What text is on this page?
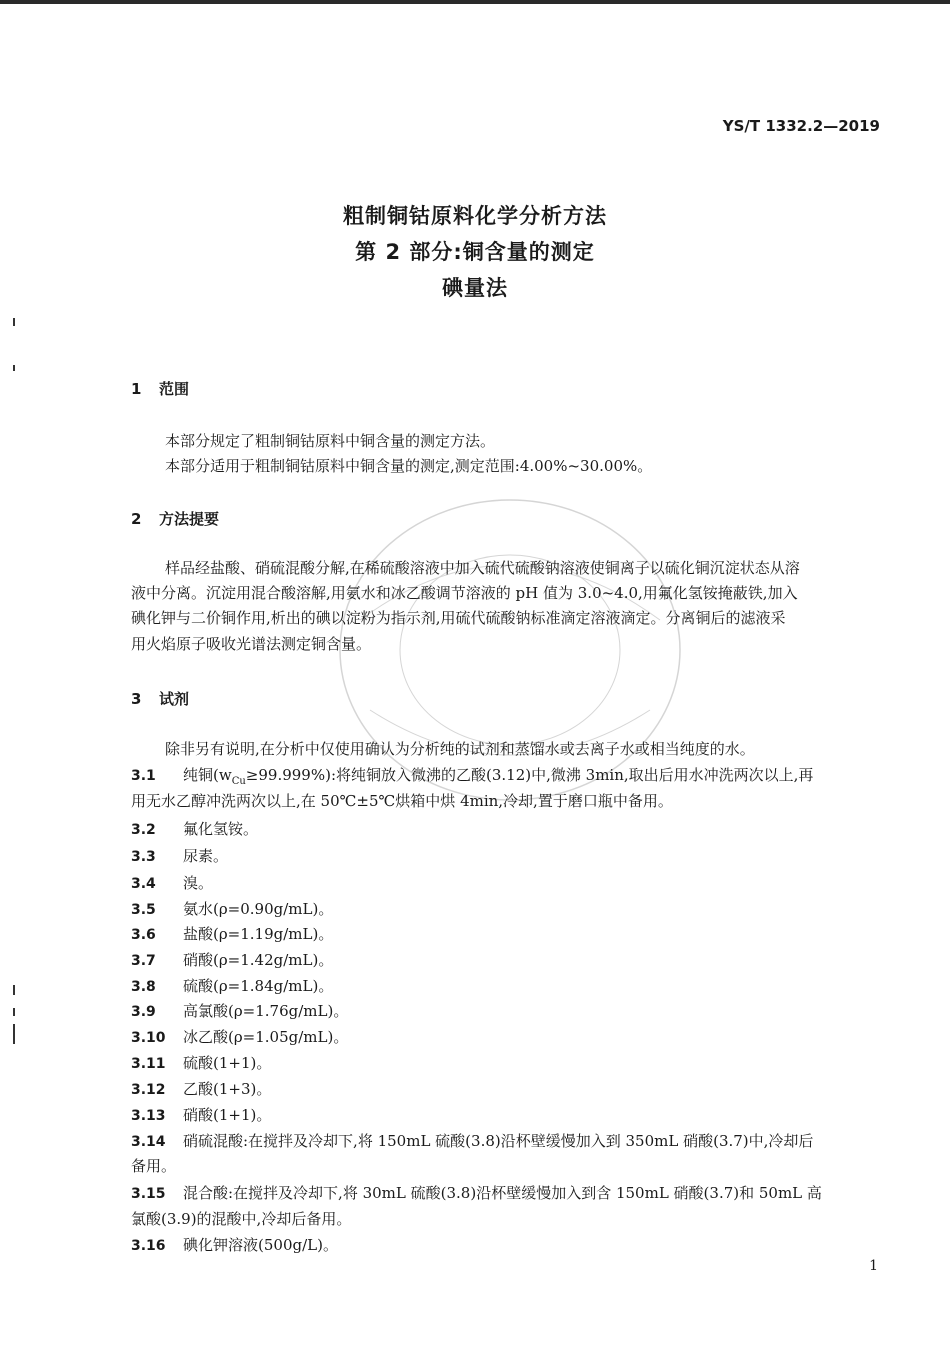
YS/T 1332.2—2019
粗制铜钴原料化学分析方法
第 2 部分:铜含量的测定
碘量法
1 范围
本部分规定了粗制铜钴原料中铜含量的测定方法。
本部分适用于粗制铜钴原料中铜含量的测定,测定范围:4.00%~30.00%。
2 方法提要
样品经盐酸、硝硫混酸分解,在稀硫酸溶液中加入硫代硫酸钠溶液使铜离子以硫化铜沉淀状态从溶
液中分离。沉淀用混合酸溶解,用氨水和冰乙酸调节溶液的 pH 值为 3.0~4.0,用氟化氢铵掩蔽铁,加入
碘化钾与二价铜作用,析出的碘以淀粉为指示剂,用硫代硫酸钠标准滴定溶液滴定。分离铜后的滤液采
用火焰原子吸收光谱法测定铜含量。
3 试剂
除非另有说明,在分析中仅使用确认为分析纯的试剂和蒸馏水或去离子水或相当纯度的水。
3.1 纯铜$(w_{Cu}\ge 99.999\%)$:将纯铜放入微沸的乙酸(3.12)中,微沸 3min,取出后用水冲洗两次以上,再
用无水乙醇冲洗两次以上,在 50℃±5℃烘箱中烘 4min,冷却,置于磨口瓶中备用。
3.2 氟化氢铵。
3.3 尿素。
3.4 溴。
3.5 氨水(ρ=0.90g/mL)。
3.6 盐酸(ρ=1.19g/mL)。
3.7 硝酸(ρ=1.42g/mL)。
3.8 硫酸(ρ=1.84g/mL)。
3.9 高氯酸(ρ=1.76g/mL)。
3.10 冰乙酸(ρ=1.05g/mL)。
3.11 硫酸(1+1)。
3.12 乙酸(1+3)。
3.13 硝酸(1+1)。
3.14 硝硫混酸:在搅拌及冷却下,将 150mL 硫酸(3.8)沿杯壁缓慢加入到 350mL 硝酸(3.7)中,冷却后
备用。
3.15 混合酸:在搅拌及冷却下,将 30mL 硫酸(3.8)沿杯壁缓慢加入到含 150mL 硝酸(3.7)和 50mL 高
氯酸(3.9)的混酸中,冷却后备用。
3.16 碘化钾溶液(500g/L)。
1
